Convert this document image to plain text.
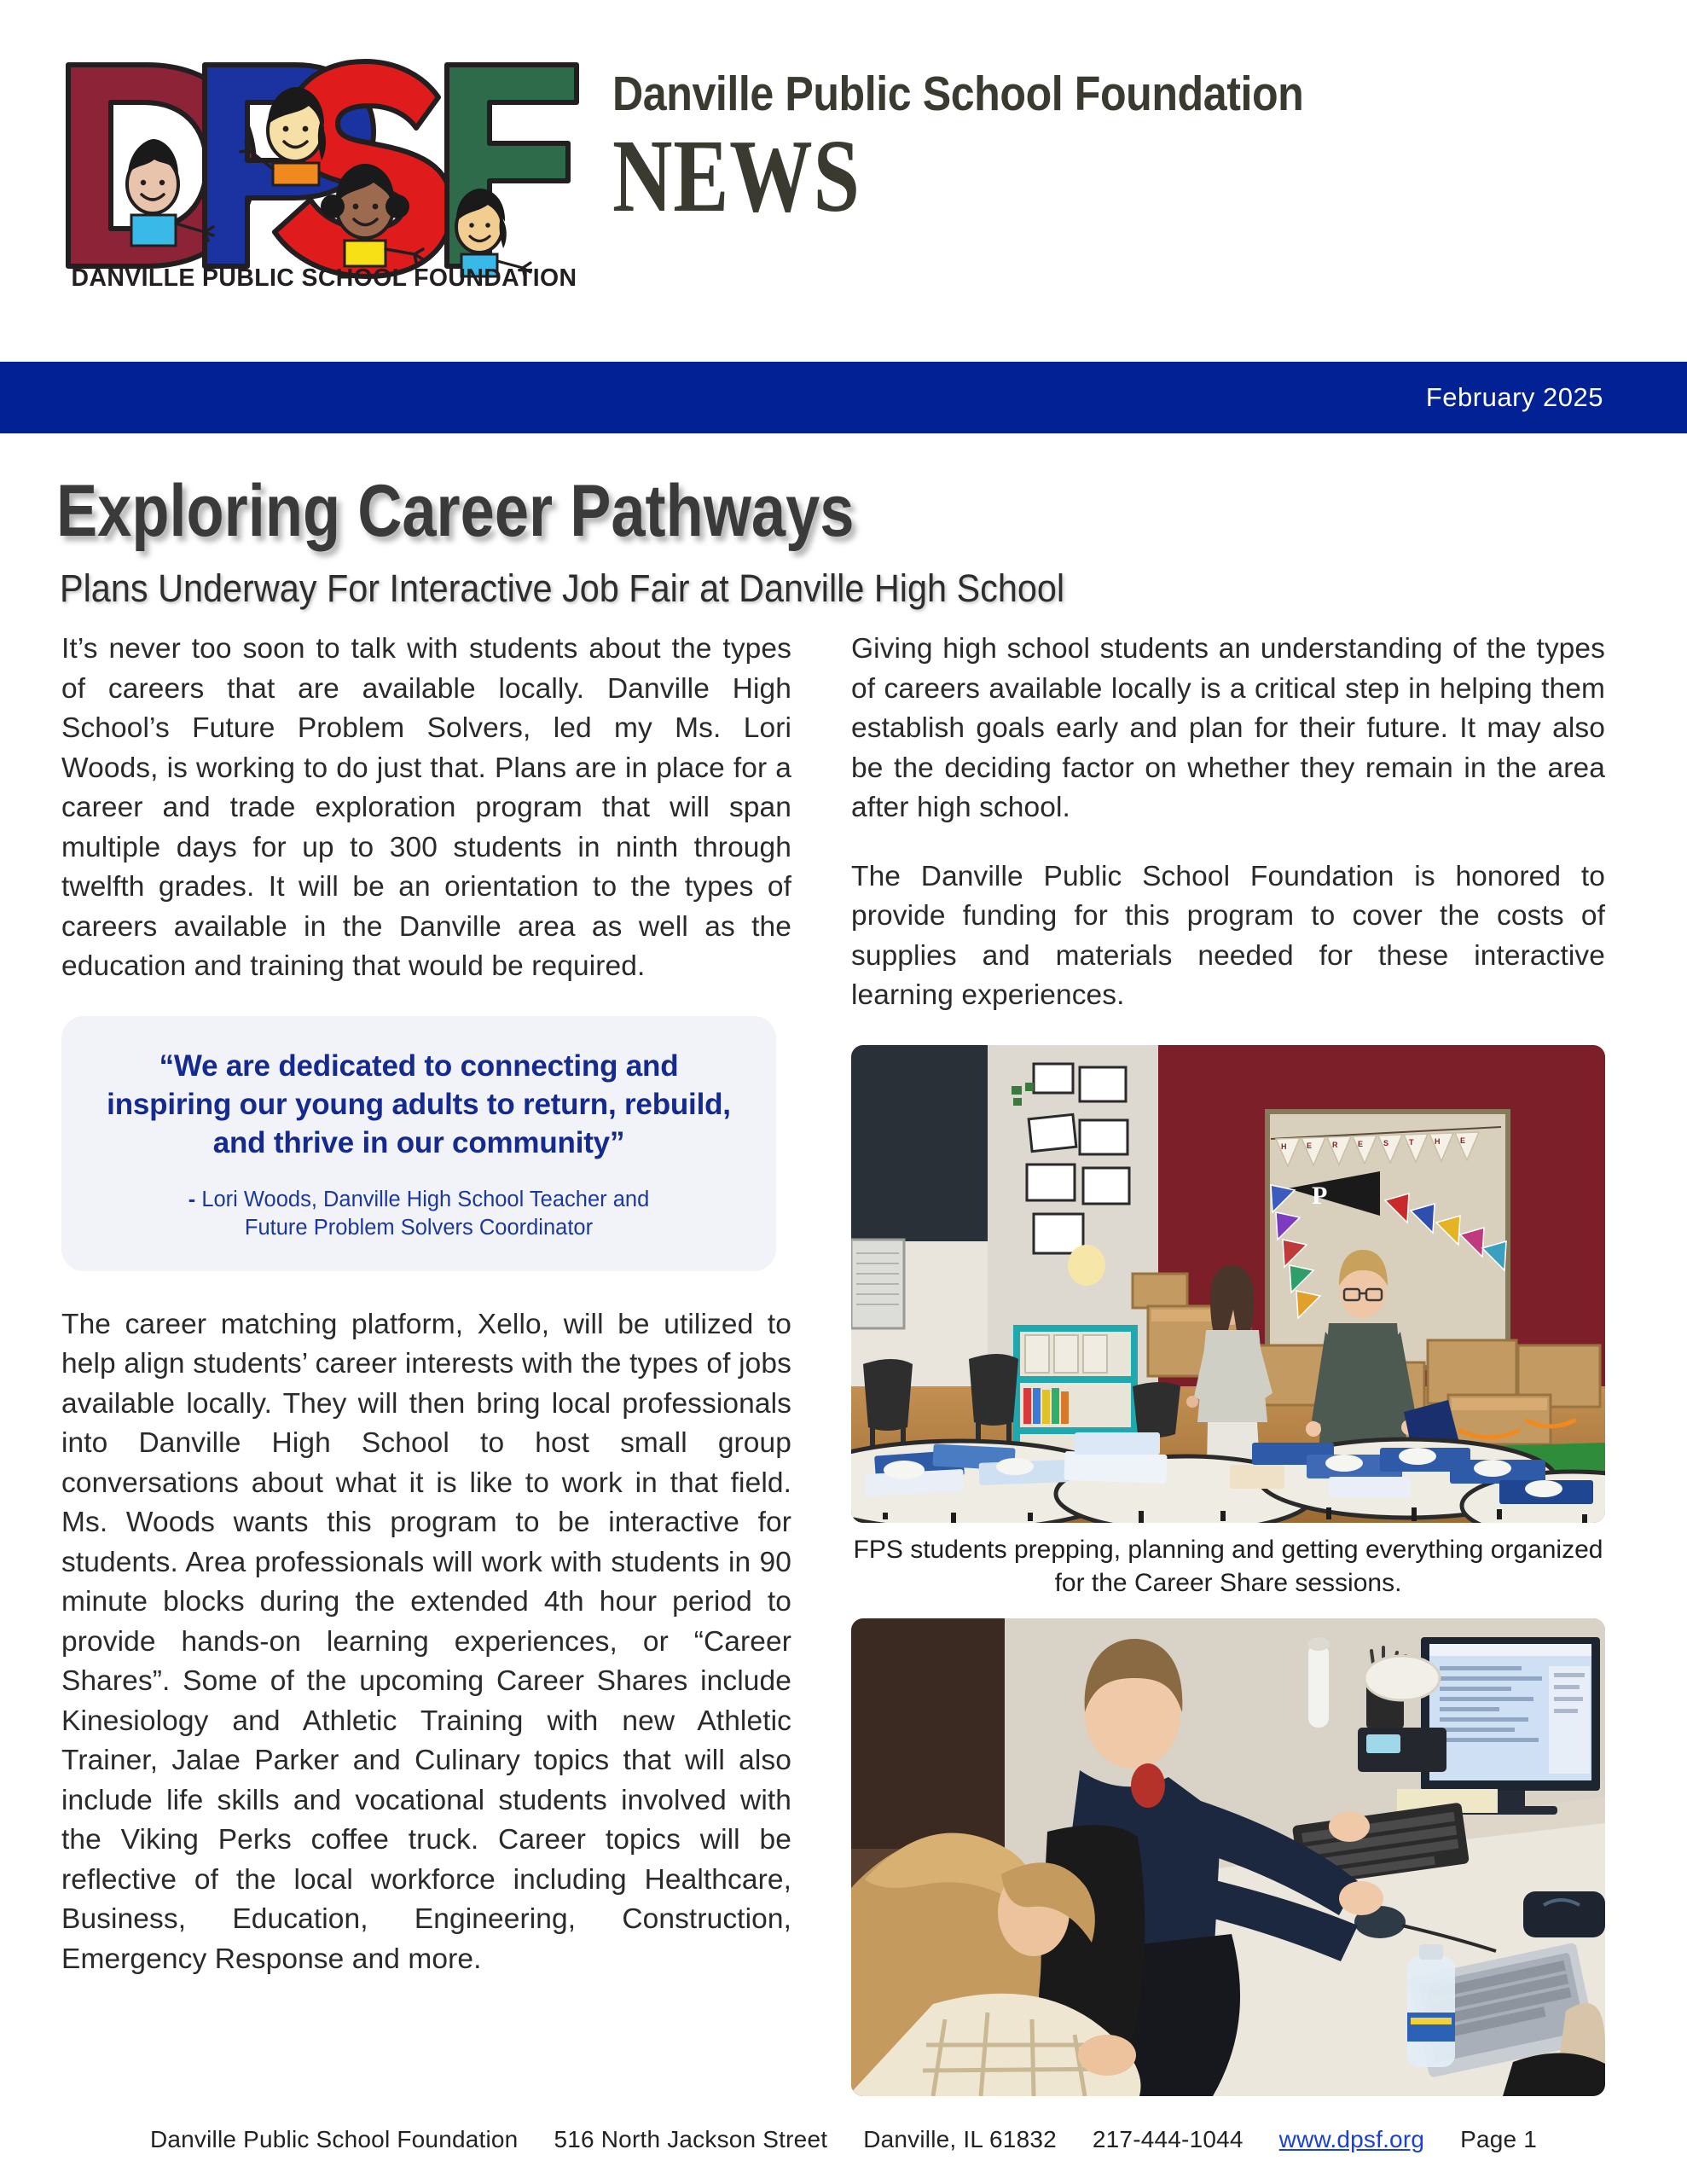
DANVILLE PUBLIC SCHOOL FOUNDATION
Danville Public School Foundation
NEWS
February 2025
Exploring Career Pathways
Plans Underway For Interactive Job Fair at Danville High School

It’s never too soon to talk with students about the types of careers that are available locally. Danville High School’s Future Problem Solvers, led my Ms. Lori Woods, is working to do just that. Plans are in place for a career and trade exploration program that will span multiple days for up to 300 students in ninth through twelfth grades. It will be an orientation to the types of careers available in the Danville area as well as the education and training that would be required.

“We are dedicated to connecting and inspiring our young adults to return, rebuild, and thrive in our community”
- Lori Woods, Danville High School Teacher and
Future Problem Solvers Coordinator

The career matching platform, Xello, will be utilized to help align students’ career interests with the types of jobs available locally. They will then bring local professionals into Danville High School to host small group conversations about what it is like to work in that field. Ms. Woods wants this program to be interactive for students. Area professionals will work with students in 90 minute blocks during the extended 4th hour period to provide hands-on learning experiences, or “Career Shares”. Some of the upcoming Career Shares include Kinesiology and Athletic Training with new Athletic Trainer, Jalae Parker and Culinary topics that will also include life skills and vocational students involved with the Viking Perks coffee truck. Career topics will be reflective of the local workforce including Healthcare, Business, Education, Engineering, Construction, Emergency Response and more.

Giving high school students an understanding of the types of careers available locally is a critical step in helping them establish goals early and plan for their future. It may also be the deciding factor on whether they remain in the area after high school.

The Danville Public School Foundation is honored to provide funding for this program to cover the costs of supplies and materials needed for these interactive learning experiences.

H	E	R	E	S	T	H	E
P
FPS students prepping, planning and getting everything organized for the Career Share sessions.
Danville Public School Foundation 516 North Jackson Street Danville, IL 61832 217-444-1044 www.dpsf.org Page 1
